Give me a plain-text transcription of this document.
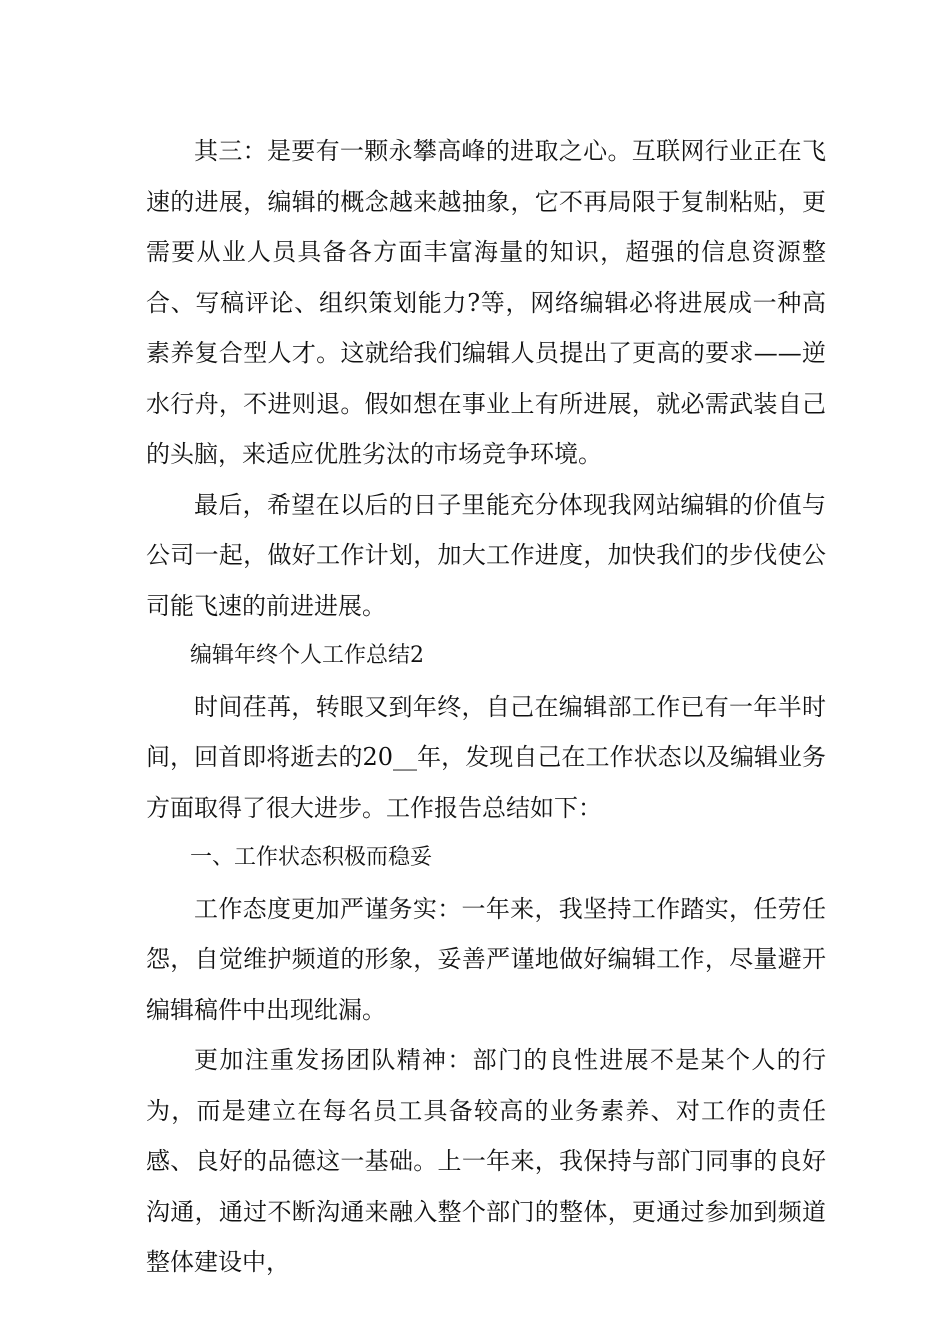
其三：是要有一颗永攀高峰的进取之心。互联网行业正在飞速的进展，编辑的概念越来越抽象，它不再局限于复制粘贴，更需要从业人员具备各方面丰富海量的知识，超强的信息资源整合、写稿评论、组织策划能力?等，网络编辑必将进展成一种高素养复合型人才。这就给我们编辑人员提出了更高的要求——逆水行舟，不进则退。假如想在事业上有所进展，就必需武装自己的头脑，来适应优胜劣汰的市场竞争环境。

最后，希望在以后的日子里能充分体现我网站编辑的价值与公司一起，做好工作计划，加大工作进度，加快我们的步伐使公司能飞速的前进进展。

编辑年终个人工作总结2

时间荏苒，转眼又到年终，自己在编辑部工作已有一年半时间，回首即将逝去的20__年，发现自己在工作状态以及编辑业务方面取得了很大进步。工作报告总结如下：

一、工作状态积极而稳妥

工作态度更加严谨务实：一年来，我坚持工作踏实，任劳任怨，自觉维护频道的形象，妥善严谨地做好编辑工作，尽量避开编辑稿件中出现纰漏。

更加注重发扬团队精神：部门的良性进展不是某个人的行为，而是建立在每名员工具备较高的业务素养、对工作的责任感、良好的品德这一基础。上一年来，我保持与部门同事的良好沟通，通过不断沟通来融入整个部门的整体，更通过参加到频道整体建设中，
